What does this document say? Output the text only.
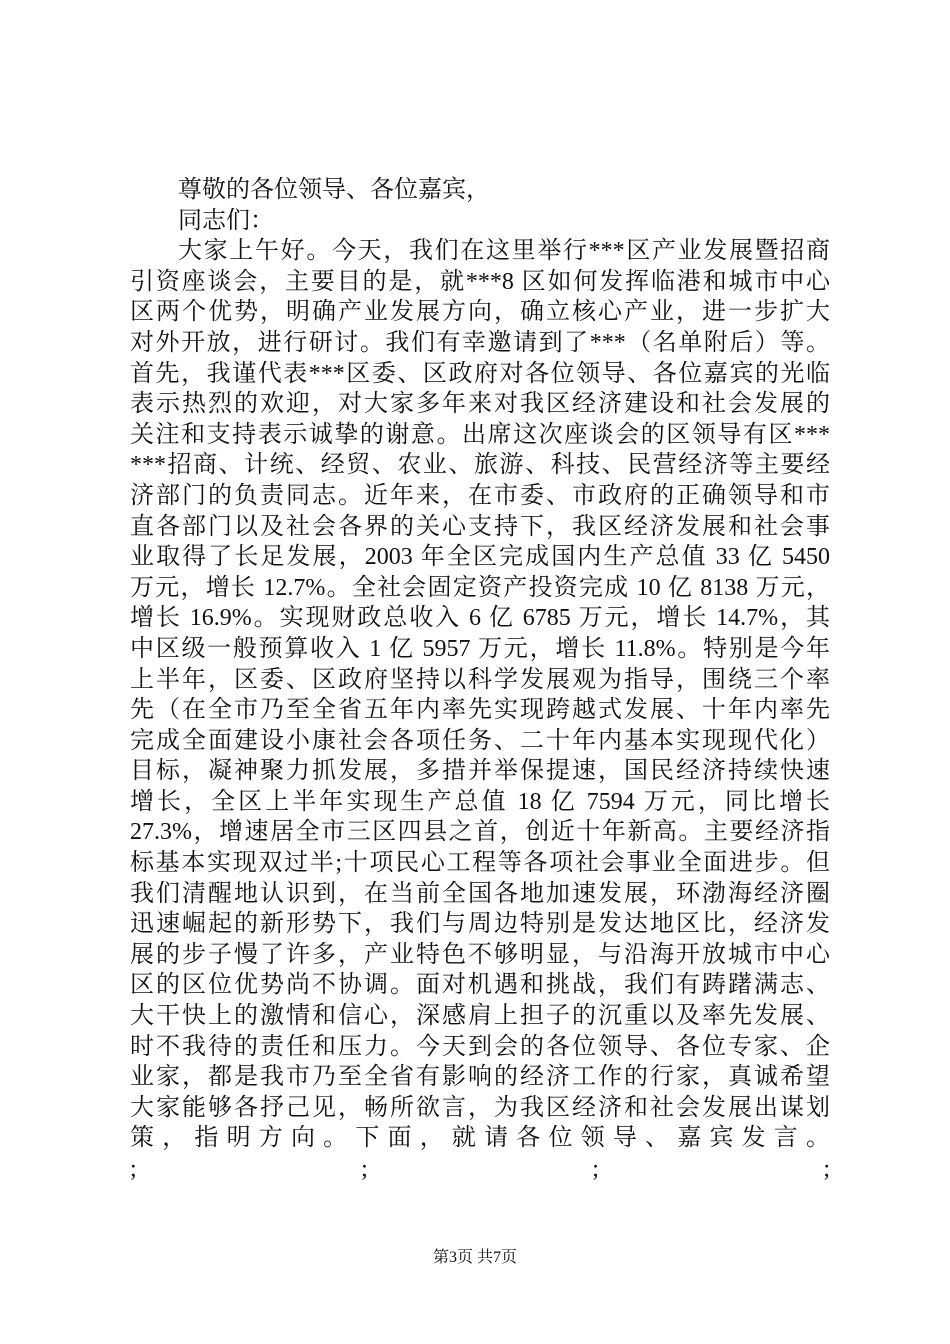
尊敬的各位领导、各位嘉宾，
同志们：
大家上午好。今天，我们在这里举行***区产业发展暨招商
引资座谈会，主要目的是，就***8 区如何发挥临港和城市中心
区两个优势，明确产业发展方向，确立核心产业，进一步扩大
对外开放，进行研讨。我们有幸邀请到了***（名单附后）等。
首先，我谨代表***区委、区政府对各位领导、各位嘉宾的光临
表示热烈的欢迎，对大家多年来对我区经济建设和社会发展的
关注和支持表示诚挚的谢意。出席这次座谈会的区领导有区***
***招商、计统、经贸、农业、旅游、科技、民营经济等主要经
济部门的负责同志。近年来，在市委、市政府的正确领导和市
直各部门以及社会各界的关心支持下，我区经济发展和社会事
业取得了长足发展，2003 年全区完成国内生产总值 33 亿 5450
万元，增长 12.7%。全社会固定资产投资完成 10 亿 8138 万元，
增长 16.9%。实现财政总收入 6 亿 6785 万元，增长 14.7%，其
中区级一般预算收入 1 亿 5957 万元，增长 11.8%。特别是今年
上半年，区委、区政府坚持以科学发展观为指导，围绕三个率
先（在全市乃至全省五年内率先实现跨越式发展、十年内率先
完成全面建设小康社会各项任务、二十年内基本实现现代化）
目标，凝神聚力抓发展，多措并举保提速，国民经济持续快速
增长，全区上半年实现生产总值 18 亿 7594 万元，同比增长
27.3%，增速居全市三区四县之首，创近十年新高。主要经济指
标基本实现双过半;十项民心工程等各项社会事业全面进步。但
我们清醒地认识到，在当前全国各地加速发展，环渤海经济圈
迅速崛起的新形势下，我们与周边特别是发达地区比，经济发
展的步子慢了许多，产业特色不够明显，与沿海开放城市中心
区的区位优势尚不协调。面对机遇和挑战，我们有踌躇满志、
大干快上的激情和信心，深感肩上担子的沉重以及率先发展、
时不我待的责任和压力。今天到会的各位领导、各位专家、企
业家，都是我市乃至全省有影响的经济工作的行家，真诚希望
大家能够各抒己见，畅所欲言，为我区经济和社会发展出谋划
策，指明方向。下面，就请各位领导、嘉宾发言。
; ; ; ;
第3页 共7页
